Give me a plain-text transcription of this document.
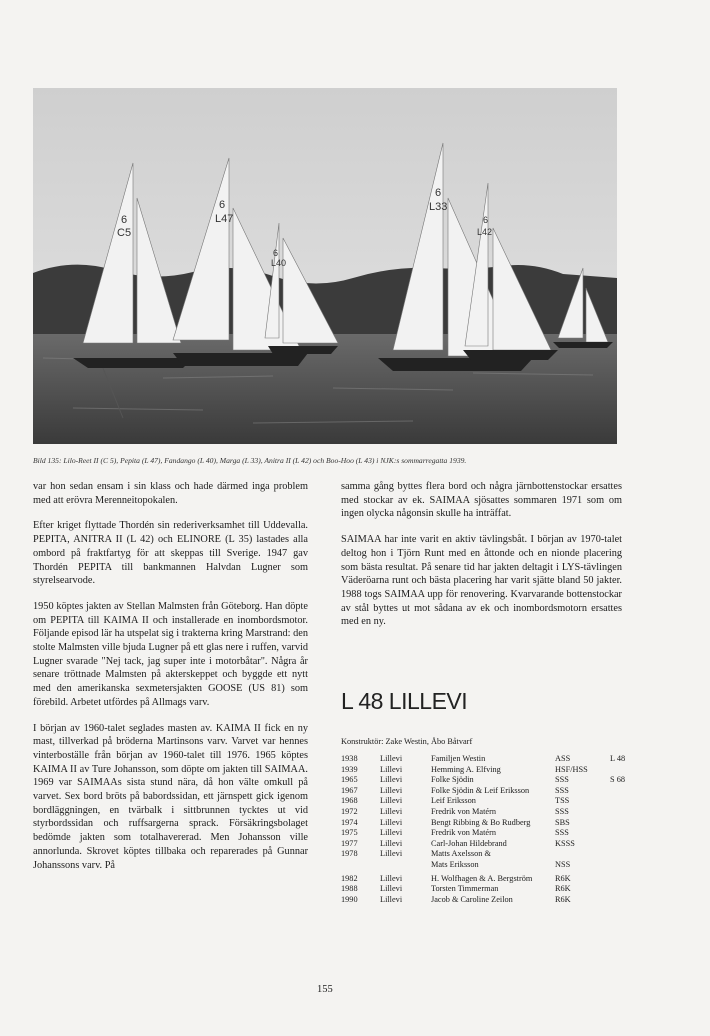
6
C5
6
L47
6
L40
6
L33
6
L42
Bild 135: Lilo-Reet II (C 5), Pepita (L 47), Fandango (L 40), Marga (L 33), Anitra II (L 42) och Boo-Hoo (L 43) i NJK:s sommarregatta 1939.

var hon sedan ensam i sin klass och hade därmed inga problem med att erövra Merenneitopokalen.

Efter kriget flyttade Thordén sin rederiverksamhet till Uddevalla. PEPITA, ANITRA II (L 42) och ELINORE (L 35) lastades alla ombord på fraktfartyg för att skeppas till Sverige. 1947 gav Thordén PEPITA till bankmannen Halvdan Lugner som styrelsearvode.

1950 köptes jakten av Stellan Malmsten från Göteborg. Han döpte om PEPITA till KAIMA II och installerade en inombordsmotor. Följande episod lär ha utspelat sig i trakterna kring Marstrand: den stolte Malmsten ville bjuda Lugner på ett glas nere i ruffen, varvid Lugner svarade "Nej tack, jag super inte i motorbåtar". Några år senare tröttnade Malmsten på akterskeppet och byggde ett nytt med den amerikanska sexmetersjakten GOOSE (US 81) som förebild. Arbetet utfördes på Allmags varv.

I början av 1960-talet seglades masten av. KAIMA II fick en ny mast, tillverkad på bröderna Martinsons varv. Varvet var hennes vinterboställe från början av 1960-talet till 1976. 1965 köptes KAIMA II av Ture Johansson, som döpte om jakten till SAIMAA. 1969 var SAIMAAs sista stund nära, då hon välte omkull på varvet. Sex bord bröts på babordssidan, ett järnspett gick igenom bordläggningen, en tvärbalk i sittbrunnen tycktes ut vid styrbordssidan och ruffsargerna sprack. Försäkringsbolaget bedömde jakten som totalhavererad. Men Johansson ville annorlunda. Skrovet köptes tillbaka och reparerades på Gunnar Johanssons varv. På

samma gång byttes flera bord och några järnbottenstockar ersattes med stockar av ek. SAIMAA sjösattes sommaren 1971 som om ingen olycka någonsin skulle ha inträffat.

SAIMAA har inte varit en aktiv tävlingsbåt. I början av 1970-talet deltog hon i Tjörn Runt med en åttonde och en nionde placering som bästa resultat. På senare tid har jakten deltagit i LYS-tävlingen Väderöarna runt och bästa placering har varit sjätte bland 50 jakter. 1988 togs SAIMAA upp för renovering. Kvarvarande bottenstockar av stål byttes ut mot sådana av ek och inombordsmotorn ersattes med en ny.

L 48 LILLEVI
Konstruktör: Zake Westin, Åbo Båtvarf
1938	Lillevi	Familjen Westin	ASS	L 48
1939	Lillevi	Hemming A. Elfving	HSF/HSS
1965	Lillevi	Folke Sjödin	SSS	S 68
1967	Lillevi	Folke Sjödin & Leif Eriksson	SSS
1968	Lillevi	Leif Eriksson	TSS
1972	Lillevi	Fredrik von Matérn	SSS
1974	Lillevi	Bengt Ribbing & Bo Rudberg	SBS
1975	Lillevi	Fredrik von Matérn	SSS
1977	Lillevi	Carl-Johan Hildebrand	KSSS
1978	Lillevi	Matts Axelsson &
Mats Eriksson	NSS
1982	Lillevi	H. Wolfhagen & A. Bergström	R6K
1988	Lillevi	Torsten Timmerman	R6K
1990	Lillevi	Jacob & Caroline Zeilon	R6K
155
